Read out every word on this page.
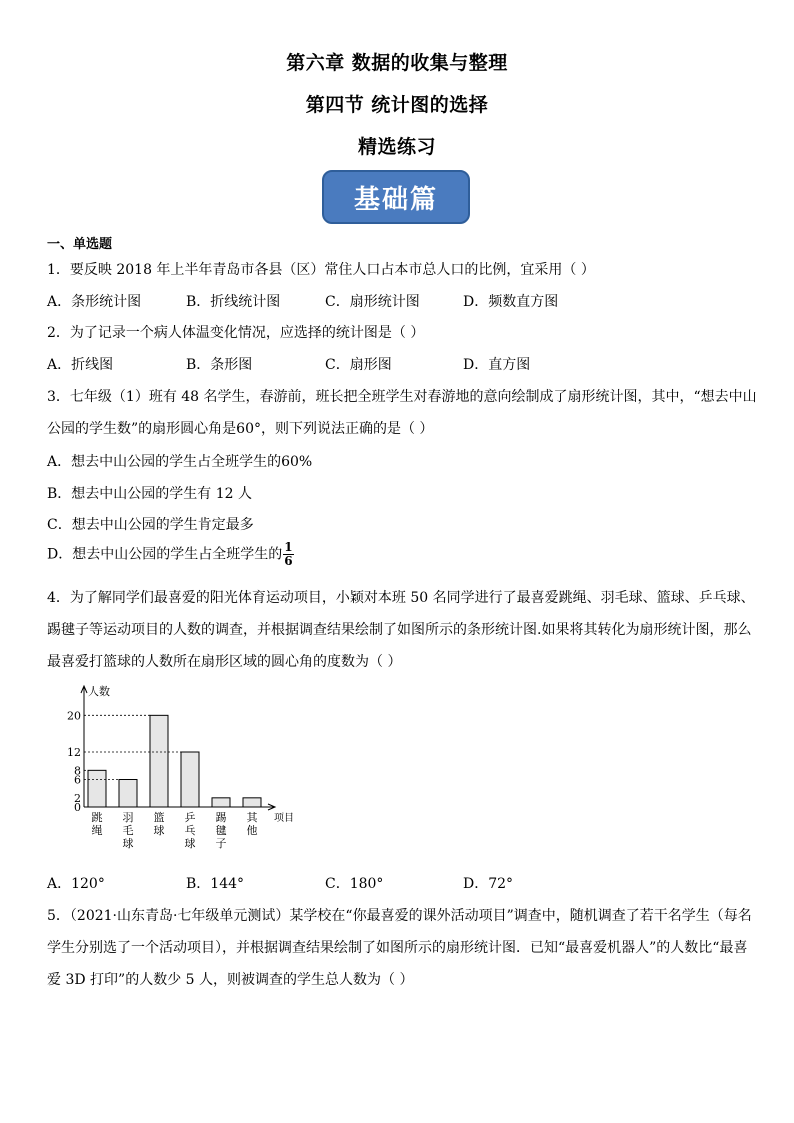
第六章 数据的收集与整理
第四节 统计图的选择
精选练习
基础篇
一、单选题
1．要反映 2018 年上半年青岛市各县（区）常住人口占本市总人口的比例，宜采用（ ）
A．条形统计图	B．折线统计图	C．扇形统计图	D．频数直方图
2．为了记录一个病人体温变化情况，应选择的统计图是（ ）
A．折线图	B．条形图	C．扇形图	D．直方图
3．七年级（1）班有 48 名学生，春游前，班长把全班学生对春游地的意向绘制成了扇形统计图，其中，“想去中山
公园的学生数”的扇形圆心角是60°，则下列说法正确的是（ ）
A．想去中山公园的学生占全班学生的60%
B．想去中山公园的学生有 12 人
C．想去中山公园的学生肯定最多
D．想去中山公园的学生占全班学生的 $\frac{1}{6}$
4．为了解同学们最喜爱的阳光体育运动项目，小颖对本班 50 名同学进行了最喜爱跳绳、羽毛球、篮球、乒乓球、
踢毽子等运动项目的人数的调查，并根据调查结果绘制了如图所示的条形统计图.如果将其转化为扇形统计图，那么
最喜爱打篮球的人数所在扇形区域的圆心角的度数为（ ）
人数
项目
0
2
6
8
12
20
跳绳
羽毛球
篮球
乒乓球
踢毽子
其他
A．120°	B．144°	C．180°	D．72°
5．（2021·山东青岛·七年级单元测试）某学校在“你最喜爱的课外活动项目”调查中，随机调查了若干名学生（每名
学生分别选了一个活动项目），并根据调查结果绘制了如图所示的扇形统计图．已知“最喜爱机器人”的人数比“最喜
爱 3D 打印”的人数少 5 人，则被调查的学生总人数为（ ）
